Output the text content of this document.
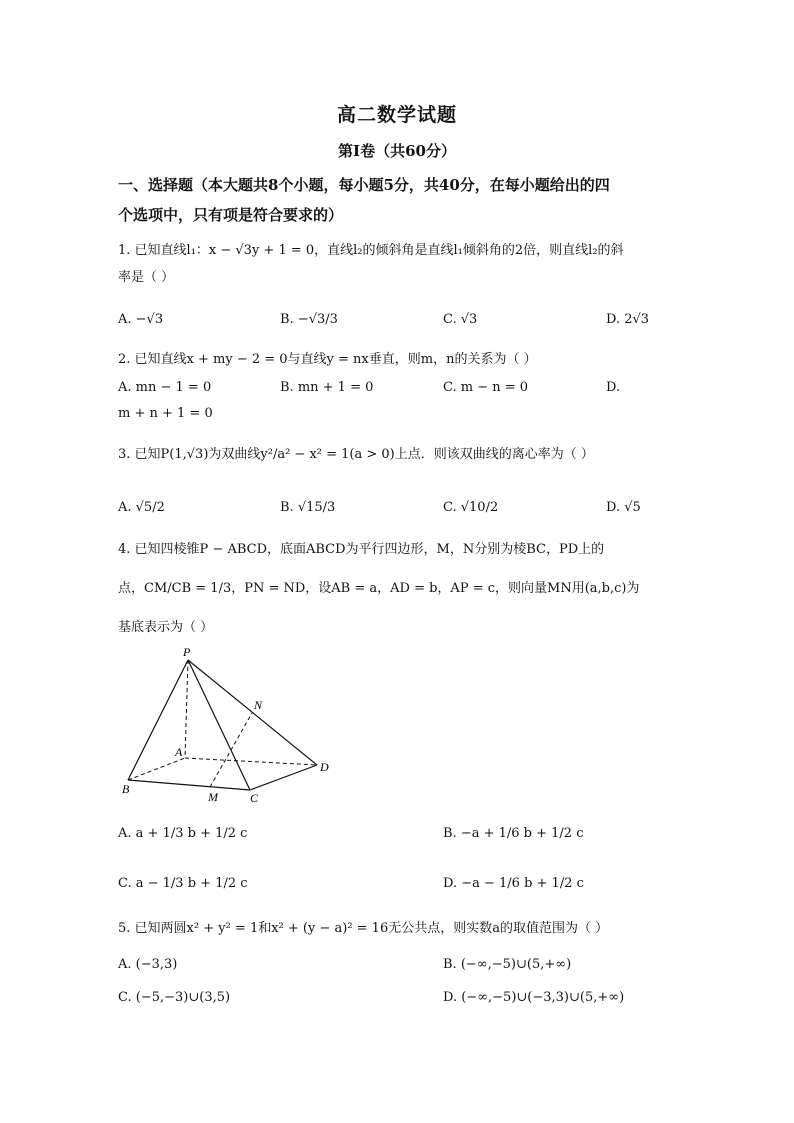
高二数学试题
第Ⅰ卷（共60分）
一、选择题（本大题共8个小题，每小题5分，共40分，在每小题给出的四
个选项中，只有项是符合要求的）
1. 已知直线l₁：x − √3y + 1 = 0，直线l₂的倾斜角是直线l₁倾斜角的2倍，则直线l₂的斜
率是（ ）
A. −√3	B. −√3/3	C. √3	D. 2√3
2. 已知直线x + my − 2 = 0与直线y = nx垂直，则m，n的关系为（ ）
A. mn − 1 = 0	B. mn + 1 = 0	C. m − n = 0	D.
m + n + 1 = 0
3. 已知P(1,√3)为双曲线y²/a² − x² = 1(a > 0)上点．则该双曲线的离心率为（ ）
A. √5/2	B. √15/3	C. √10/2	D. √5
4. 已知四棱锥P − ABCD，底面ABCD为平行四边形，M，N分别为棱BC，PD上的
点，CM/CB = 1/3，PN = ND，设AB = a，AD = b，AP = c，则向量MN用(a,b,c)为
基底表示为（ ）
P
N
A
D
B
M	C
A. a + 1/3 b + 1/2 c	B. −a + 1/6 b + 1/2 c
C. a − 1/3 b + 1/2 c	D. −a − 1/6 b + 1/2 c
5. 已知两圆x² + y² = 1和x² + (y − a)² = 16无公共点，则实数a的取值范围为（ ）
A. (−3,3)	B. (−∞,−5)∪(5,+∞)
C. (−5,−3)∪(3,5)	D. (−∞,−5)∪(−3,3)∪(5,+∞)
